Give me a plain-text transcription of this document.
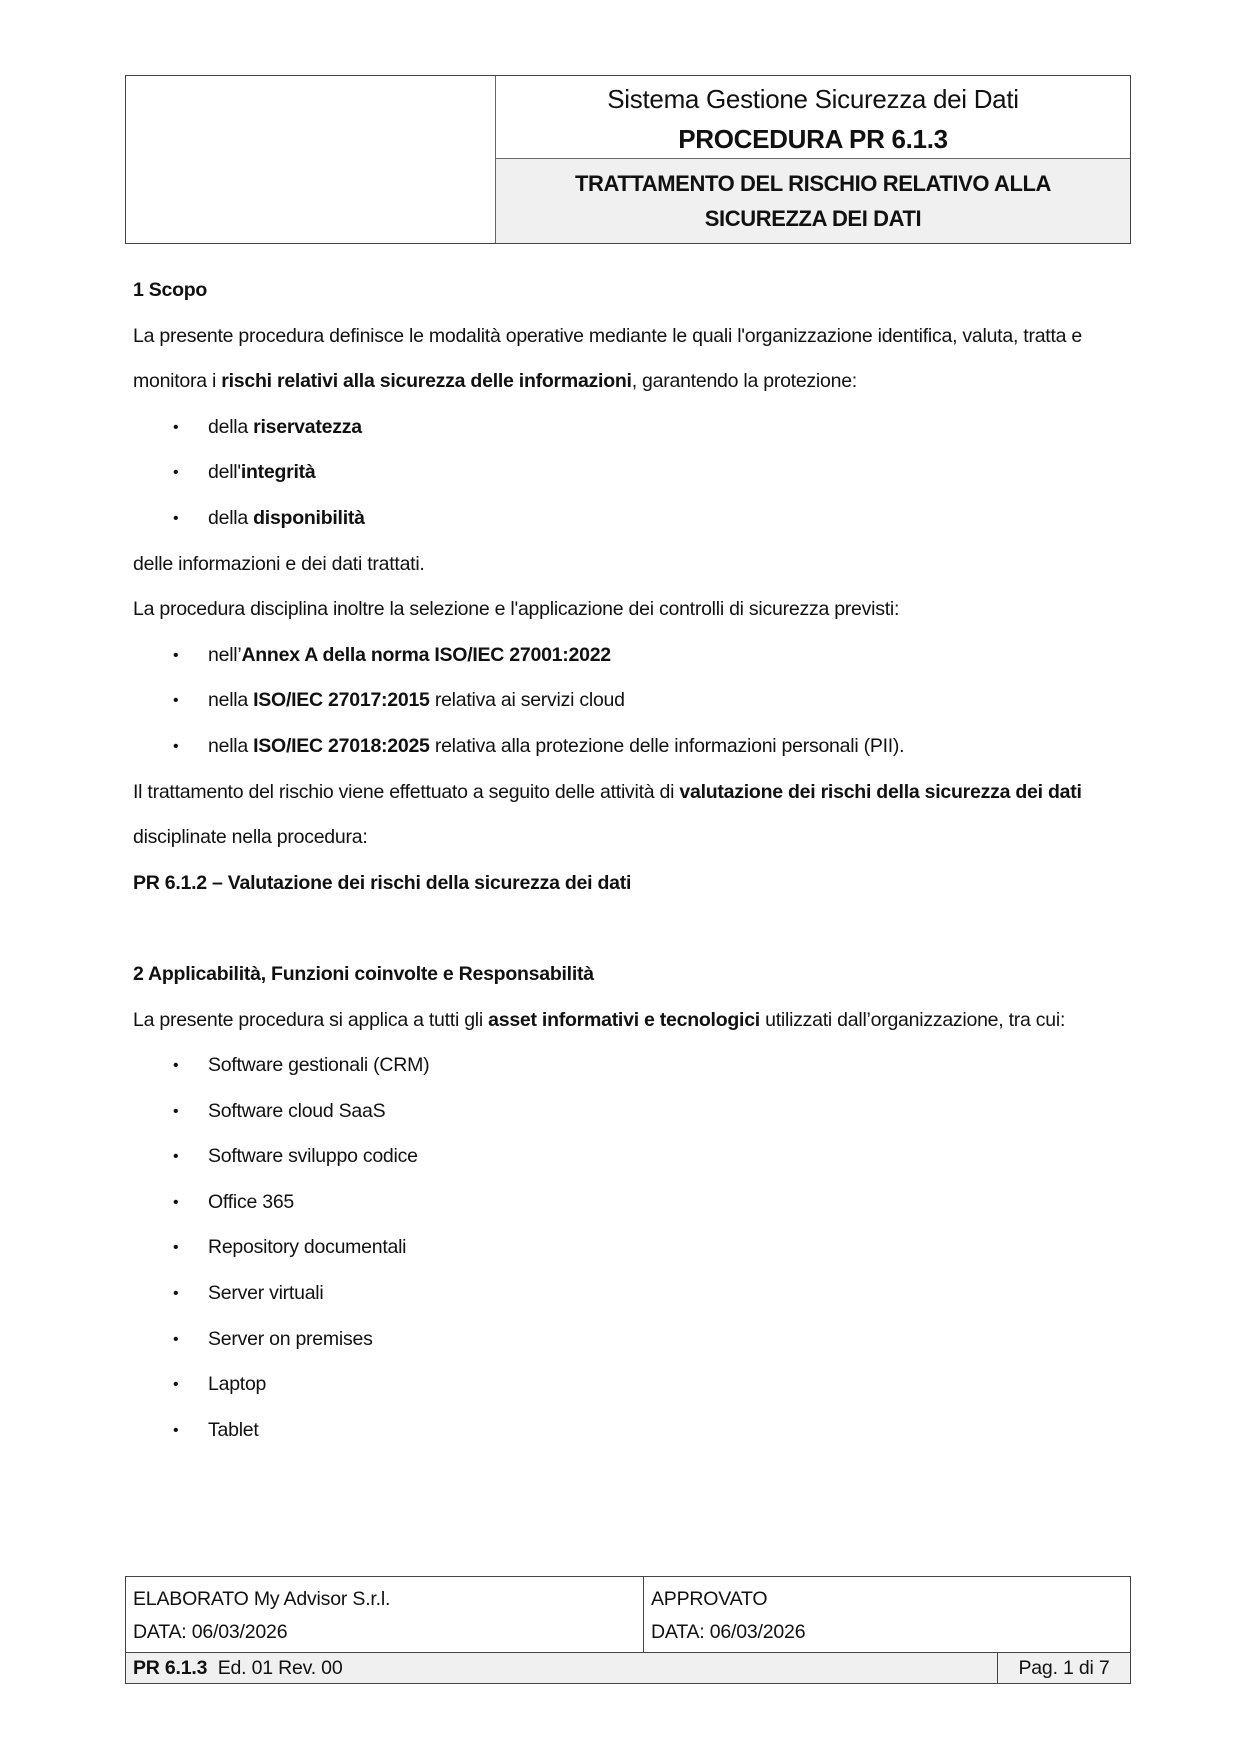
Sistema Gestione Sicurezza dei Dati
PROCEDURA PR 6.1.3
TRATTAMENTO DEL RISCHIO RELATIVO ALLA SICUREZZA DEI DATI
1 Scopo

La presente procedura definisce le modalità operative mediante le quali l'organizzazione identifica, valuta, tratta e monitora i rischi relativi alla sicurezza delle informazioni, garantendo la protezione:

• della riservatezza
• dell'integrità
• della disponibilità

delle informazioni e dei dati trattati.

La procedura disciplina inoltre la selezione e l'applicazione dei controlli di sicurezza previsti:

• nell’Annex A della norma ISO/IEC 27001:2022
• nella ISO/IEC 27017:2015 relativa ai servizi cloud
• nella ISO/IEC 27018:2025 relativa alla protezione delle informazioni personali (PII).

Il trattamento del rischio viene effettuato a seguito delle attività di valutazione dei rischi della sicurezza dei dati disciplinate nella procedura:

PR 6.1.2 – Valutazione dei rischi della sicurezza dei dati

2 Applicabilità, Funzioni coinvolte e Responsabilità

La presente procedura si applica a tutti gli asset informativi e tecnologici utilizzati dall’organizzazione, tra cui:

• Software gestionali (CRM)
• Software cloud SaaS
• Software sviluppo codice
• Office 365
• Repository documentali
• Server virtuali
• Server on premises
• Laptop
• Tablet
ELABORATO My Advisor S.r.l.
DATA: 06/03/2026
APPROVATO
DATA: 06/03/2026
PR 6.1.3 Ed. 01 Rev. 00	Pag. 1 di 7
